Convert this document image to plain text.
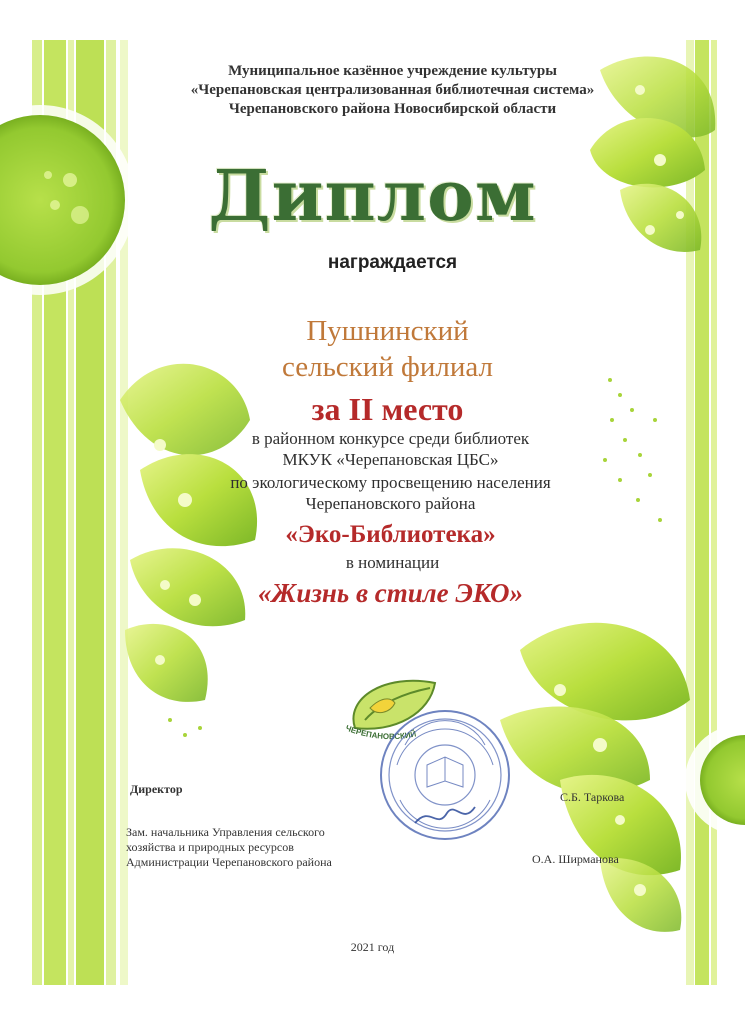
Муниципальное казённое учреждение культуры

«Черепановская централизованная библиотечная система»

Черепановского района Новосибирской области

Диплом

награждается

Пушнинский

сельский филиал

за II место

в районном конкурсе среди библиотек

МКУК «Черепановская ЦБС»

по экологическому просвещению населения

Черепановского района

«Эко-Библиотека»

в номинации

«Жизнь в стиле ЭКО»

ЧЕРЕПАНОВСКИЙ

Директор

С.Б. Таркова

Зам. начальника Управления сельского

хозяйства и природных ресурсов

Администрации Черепановского района	О.А. Ширманова

2021 год
